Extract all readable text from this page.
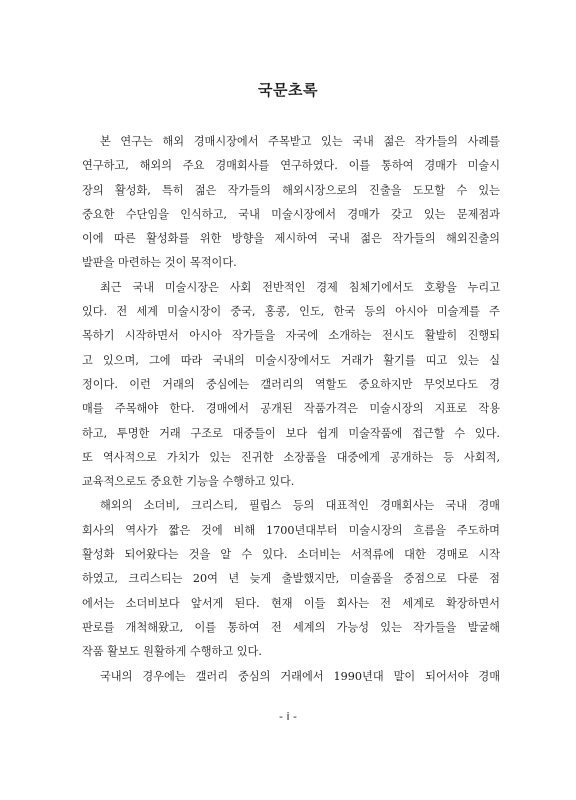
국문초록
본 연구는 해외 경매시장에서 주목받고 있는 국내 젊은 작가들의 사례를
연구하고, 해외의 주요 경매회사를 연구하였다. 이를 통하여 경매가 미술시
장의 활성화, 특히 젊은 작가들의 해외시장으로의 진출을 도모할 수 있는
중요한 수단임을 인식하고, 국내 미술시장에서 경매가 갖고 있는 문제점과
이에 따른 활성화를 위한 방향을 제시하여 국내 젊은 작가들의 해외진출의
발판을 마련하는 것이 목적이다.
최근 국내 미술시장은 사회 전반적인 경제 침체기에서도 호황을 누리고
있다. 전 세계 미술시장이 중국, 홍콩, 인도, 한국 등의 아시아 미술계를 주
목하기 시작하면서 아시아 작가들을 자국에 소개하는 전시도 활발히 진행되
고 있으며, 그에 따라 국내의 미술시장에서도 거래가 활기를 띠고 있는 실
정이다. 이런 거래의 중심에는 갤러리의 역할도 중요하지만 무엇보다도 경
매를 주목해야 한다. 경매에서 공개된 작품가격은 미술시장의 지표로 작용
하고, 투명한 거래 구조로 대중들이 보다 쉽게 미술작품에 접근할 수 있다.
또 역사적으로 가치가 있는 진귀한 소장품을 대중에게 공개하는 등 사회적,
교육적으로도 중요한 기능을 수행하고 있다.
해외의 소더비, 크리스티, 필립스 등의 대표적인 경매회사는 국내 경매
회사의 역사가 짧은 것에 비해 1700년대부터 미술시장의 흐름을 주도하며
활성화 되어왔다는 것을 알 수 있다. 소더비는 서적류에 대한 경매로 시작
하였고, 크리스티는 20여 년 늦게 출발했지만, 미술품을 중점으로 다룬 점
에서는 소더비보다 앞서게 된다. 현재 이들 회사는 전 세계로 확장하면서
판로를 개척해왔고, 이를 통하여 전 세계의 가능성 있는 작가들을 발굴해
작품 활보도 원활하게 수행하고 있다.
국내의 경우에는 갤러리 중심의 거래에서 1990년대 말이 되어서야 경매
- i -
